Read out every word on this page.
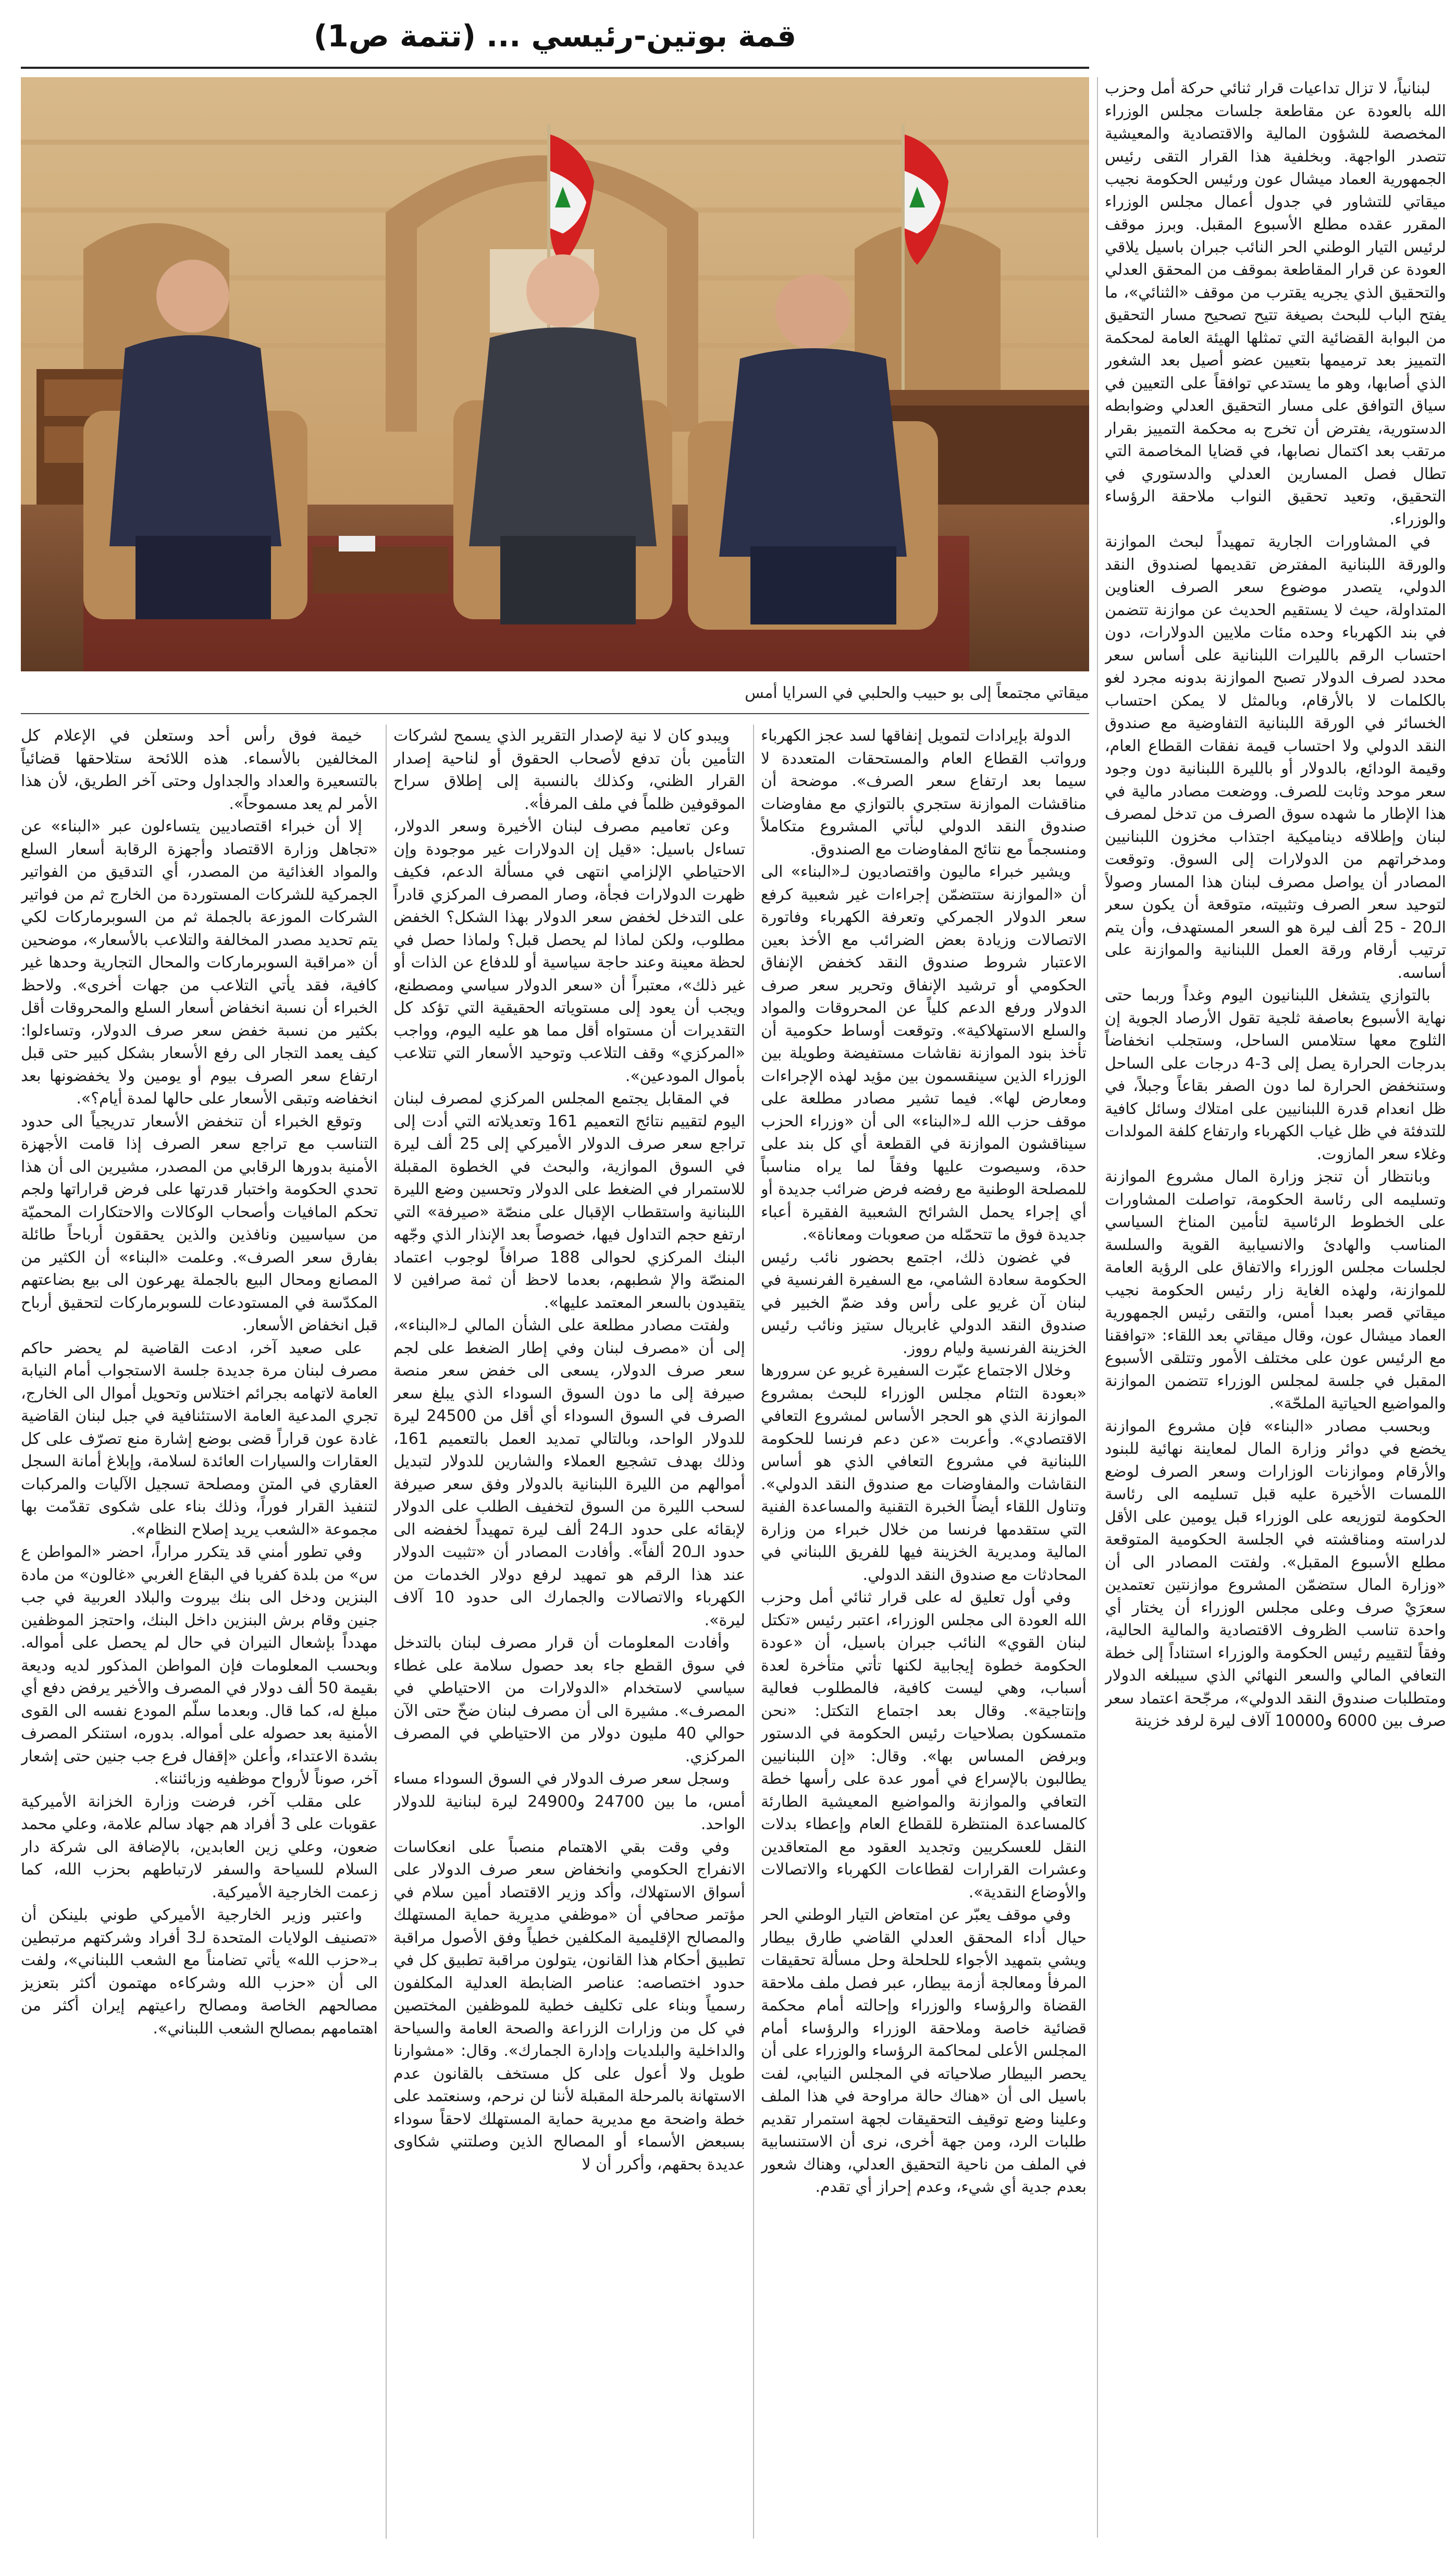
قمة بوتين-رئيسي ... (تتمة ص1)
ميقاتي مجتمعاً إلى بو حبيب والحلبي في السرايا أمس

لبنانياً، لا تزال تداعيات قرار ثنائي حركة أمل وحزب الله بالعودة عن مقاطعة جلسات مجلس الوزراء المخصصة للشؤون المالية والاقتصادية والمعيشية تتصدر الواجهة. وبخلفية هذا القرار التقى رئيس الجمهورية العماد ميشال عون ورئيس الحكومة نجيب ميقاتي للتشاور في جدول أعمال مجلس الوزراء المقرر عقده مطلع الأسبوع المقبل. وبرز موقف لرئيس التيار الوطني الحر النائب جبران باسيل يلاقي العودة عن قرار المقاطعة بموقف من المحقق العدلي والتحقيق الذي يجريه يقترب من موقف «الثنائي»، ما يفتح الباب للبحث بصيغة تتيح تصحيح مسار التحقيق من البوابة القضائية التي تمثلها الهيئة العامة لمحكمة التمييز بعد ترميمها بتعيين عضو أصيل بعد الشغور الذي أصابها، وهو ما يستدعي توافقاً على التعيين في سياق التوافق على مسار التحقيق العدلي وضوابطه الدستورية، يفترض أن تخرج به محكمة التمييز بقرار مرتقب بعد اكتمال نصابها، في قضايا المخاصمة التي تطال فصل المسارين العدلي والدستوري في التحقيق، وتعيد تحقيق النواب ملاحقة الرؤساء والوزراء.

في المشاورات الجارية تمهيداً لبحث الموازنة والورقة اللبنانية المفترض تقديمها لصندوق النقد الدولي، يتصدر موضوع سعر الصرف العناوين المتداولة، حيث لا يستقيم الحديث عن موازنة تتضمن في بند الكهرباء وحده مئات ملايين الدولارات، دون احتساب الرقم بالليرات اللبنانية على أساس سعر محدد لصرف الدولار تصبح الموازنة بدونه مجرد لغو بالكلمات لا بالأرقام، وبالمثل لا يمكن احتساب الخسائر في الورقة اللبنانية التفاوضية مع صندوق النقد الدولي ولا احتساب قيمة نفقات القطاع العام، وقيمة الودائع، بالدولار أو بالليرة اللبنانية دون وجود سعر موحد وثابت للصرف. ووضعت مصادر مالية في هذا الإطار ما شهده سوق الصرف من تدخل لمصرف لبنان وإطلاقه ديناميكية اجتذاب مخزون اللبنانيين ومدخراتهم من الدولارات إلى السوق. وتوقعت المصادر أن يواصل مصرف لبنان هذا المسار وصولاً لتوحيد سعر الصرف وتثبيته، متوقعة أن يكون سعر الـ20 - 25 ألف ليرة هو السعر المستهدف، وأن يتم ترتيب أرقام ورقة العمل اللبنانية والموازنة على أساسه.

بالتوازي يتشغل اللبنانيون اليوم وغداً وربما حتى نهاية الأسبوع بعاصفة ثلجية تقول الأرصاد الجوية إن الثلوج معها ستلامس الساحل، وستجلب انخفاضاً بدرجات الحرارة يصل إلى 3-4 درجات على الساحل وستنخفض الحرارة لما دون الصفر بقاعاً وجبلاً، في ظل انعدام قدرة اللبنانيين على امتلاك وسائل كافية للتدفئة في ظل غياب الكهرباء وارتفاع كلفة المولدات وغلاء سعر المازوت.

وبانتظار أن تنجز وزارة المال مشروع الموازنة وتسليمه الى رئاسة الحكومة، تواصلت المشاورات على الخطوط الرئاسية لتأمين المناخ السياسي المناسب والهادئ والانسيابية القوية والسلسة لجلسات مجلس الوزراء والاتفاق على الرؤية العامة للموازنة، ولهذه الغاية زار رئيس الحكومة نجيب ميقاتي قصر بعبدا أمس، والتقى رئيس الجمهورية العماد ميشال عون، وقال ميقاتي بعد اللقاء: «توافقنا مع الرئيس عون على مختلف الأمور وتتلقى الأسبوع المقبل في جلسة لمجلس الوزراء تتضمن الموازنة والمواضيع الحياتية الملحّة».

وبحسب مصادر «البناء» فإن مشروع الموازنة يخضع في دوائر وزارة المال لمعاينة نهائية للبنود والأرقام وموازنات الوزارات وسعر الصرف لوضع اللمسات الأخيرة عليه قبل تسليمه الى رئاسة الحكومة لتوزيعه على الوزراء قبل يومين على الأقل لدراسته ومناقشته في الجلسة الحكومية المتوقعة مطلع الأسبوع المقبل». ولفتت المصادر الى أن «وزارة المال ستضمّن المشروع موازنتين تعتمدين سعرَيْ صرف وعلى مجلس الوزراء أن يختار أي واحدة تناسب الظروف الاقتصادية والمالية الحالية، وفقاً لتقييم رئيس الحكومة والوزراء استناداً إلى خطة التعافي المالي والسعر النهائي الذي سيبلغه الدولار ومتطلبات صندوق النقد الدولي»، مرجّحة اعتماد سعر صرف بين 6000 و10000 آلاف ليرة لرفد خزينة

الدولة بإيرادات لتمويل إنفاقها لسد عجز الكهرباء ورواتب القطاع العام والمستحقات المتعددة لا سيما بعد ارتفاع سعر الصرف». موضحة أن مناقشات الموازنة ستجري بالتوازي مع مفاوضات صندوق النقد الدولي لبأتي المشروع متكاملاً ومنسجماً مع نتائج المفاوضات مع الصندوق.

ويشير خبراء ماليون واقتصاديون لـ«البناء» الى أن «الموازنة ستتضمّن إجراءات غير شعبية كرفع سعر الدولار الجمركي وتعرفة الكهرباء وفاتورة الاتصالات وزيادة بعض الضرائب مع الأخذ بعين الاعتبار شروط صندوق النقد كخفض الإنفاق الحكومي أو ترشيد الإنفاق وتحرير سعر صرف الدولار ورفع الدعم كلياً عن المحروقات والمواد والسلع الاستهلاكية». وتوقعت أوساط حكومية أن تأخذ بنود الموازنة نقاشات مستفيضة وطويلة بين الوزراء الذين سينقسمون بين مؤيد لهذه الإجراءات ومعارض لها». فيما تشير مصادر مطلعة على موقف حزب الله لـ«البناء» الى أن «وزراء الحزب سيناقشون الموازنة في القطعة أي كل بند على حدة، وسيصوت عليها وفقاً لما يراه مناسباً للمصلحة الوطنية مع رفضه فرض ضرائب جديدة أو أي إجراء يحمل الشرائح الشعبية الفقيرة أعباء جديدة فوق ما تتحمّله من صعوبات ومعاناة».

في غضون ذلك، اجتمع بحضور نائب رئيس الحكومة سعادة الشامي، مع السفيرة الفرنسية في لبنان آن غريو على رأس وفد ضمّ الخبير في صندوق النقد الدولي غابريال ستيز ونائب رئيس الخزينة الفرنسية وليام رووز.

وخلال الاجتماع عبّرت السفيرة غريو عن سرورها «بعودة التئام مجلس الوزراء للبحث بمشروع الموازنة الذي هو الحجر الأساس لمشروع التعافي الاقتصادي». وأعربت «عن دعم فرنسا للحكومة اللبنانية في مشروع التعافي الذي هو أساس النقاشات والمفاوضات مع صندوق النقد الدولي». وتناول اللقاء أيضاً الخبرة التقنية والمساعدة الفنية التي ستقدمها فرنسا من خلال خبراء من وزارة المالية ومديرية الخزينة فيها للفريق اللبناني في المحادثات مع صندوق النقد الدولي.

وفي أول تعليق له على قرار ثنائي أمل وحزب الله العودة الى مجلس الوزراء، اعتبر رئيس «تكتل لبنان القوي» النائب جبران باسيل، أن «عودة الحكومة خطوة إيجابية لكنها تأتي متأخرة لعدة أسباب، وهي ليست كافية، فالمطلوب فعالية وإنتاجية». وقال بعد اجتماع التكتل: «نحن متمسكون بصلاحيات رئيس الحكومة في الدستور وبرفض المساس بها». وقال: «إن اللبنانيين يطالبون بالإسراع في أمور عدة على رأسها خطة التعافي والموازنة والمواضيع المعيشية الطارئة كالمساعدة المنتظرة للقطاع العام وإعطاء بدلات النقل للعسكريين وتجديد العقود مع المتعاقدين وعشرات القرارات لقطاعات الكهرباء والاتصالات والأوضاع النقدية».

وفي موقف يعبّر عن امتعاض التيار الوطني الحر حيال أداء المحقق العدلي القاضي طارق بيطار ويشي بتمهيد الأجواء للحلحلة وحل مسألة تحقيقات المرفأ ومعالجة أزمة بيطار، عبر فصل ملف ملاحقة القضاة والرؤساء والوزراء وإحالته أمام محكمة قضائية خاصة وملاحقة الوزراء والرؤساء أمام المجلس الأعلى لمحاكمة الرؤساء والوزراء على أن يحصر البيطار صلاحياته في المجلس النيابي، لفت باسيل الى أن «هناك حالة مراوحة في هذا الملف وعلينا وضع توقيف التحقيقات لجهة استمرار تقديم طلبات الرد، ومن جهة أخرى، نرى أن الاستنسابية في الملف من ناحية التحقيق العدلي، وهناك شعور بعدم جدية أي شيء، وعدم إحراز أي تقدم.

ويبدو كان لا نية لإصدار التقرير الذي يسمح لشركات التأمين بأن تدفع لأصحاب الحقوق أو لناحية إصدار القرار الظني، وكذلك بالنسبة إلى إطلاق سراح الموقوفين ظلماً في ملف المرفأ».

وعن تعاميم مصرف لبنان الأخيرة وسعر الدولار، تساءل باسيل: «قيل إن الدولارات غير موجودة وإن الاحتياطي الإلزامي انتهى في مسألة الدعم، فكيف ظهرت الدولارات فجأة، وصار المصرف المركزي قادراً على التدخل لخفض سعر الدولار بهذا الشكل؟ الخفض مطلوب، ولكن لماذا لم يحصل قبل؟ ولماذا حصل في لحظة معينة وعند حاجة سياسية أو للدفاع عن الذات أو غير ذلك»، معتبراً أن «سعر الدولار سياسي ومصطنع، ويجب أن يعود إلى مستوياته الحقيقية التي تؤكد كل التقديرات أن مستواه أقل مما هو عليه اليوم، وواجب «المركزي» وقف التلاعب وتوحيد الأسعار التي تتلاعب بأموال المودعين».

في المقابل يجتمع المجلس المركزي لمصرف لبنان اليوم لتقييم نتائج التعميم 161 وتعديلاته التي أدت إلى تراجع سعر صرف الدولار الأميركي إلى 25 ألف ليرة في السوق الموازية، والبحث في الخطوة المقبلة للاستمرار في الضغط على الدولار وتحسين وضع الليرة اللبنانية واستقطاب الإقبال على منصّة «صيرفة» التي ارتفع حجم التداول فيها، خصوصاً بعد الإنذار الذي وجّهه البنك المركزي لحوالى 188 صرافاً لوجوب اعتماد المنصّة والإ شطبهم، بعدما لاحظ أن ثمة صرافين لا يتقيدون بالسعر المعتمد عليها».

ولفتت مصادر مطلعة على الشأن المالي لـ«البناء»، إلى أن «مصرف لبنان وفي إطار الضغط على لجم سعر صرف الدولار، يسعى الى خفض سعر منصة صيرفة إلى ما دون السوق السوداء الذي يبلغ سعر الصرف في السوق السوداء أي أقل من 24500 ليرة للدولار الواحد، وبالتالي تمديد العمل بالتعميم 161، وذلك بهدف تشجيع العملاء والشارين للدولار لتبديل أموالهم من الليرة اللبنانية بالدولار وفق سعر صيرفة لسحب الليرة من السوق لتخفيف الطلب على الدولار لإبقائه على حدود الـ24 ألف ليرة تمهيداً لخفضه الى حدود الـ20 ألفاً». وأفادت المصادر أن «تثبيت الدولار عند هذا الرقم هو تمهيد لرفع دولار الخدمات من الكهرباء والاتصالات والجمارك الى حدود 10 آلاف ليرة».

وأفادت المعلومات أن قرار مصرف لبنان بالتدخل في سوق القطع جاء بعد حصول سلامة على غطاء سياسي لاستخدام «الدولارات من الاحتياطي في المصرف». مشيرة الى أن مصرف لبنان ضخّ حتى الآن حوالي 40 مليون دولار من الاحتياطي في المصرف المركزي.

وسجل سعر صرف الدولار في السوق السوداء مساء أمس، ما بين 24700 و24900 ليرة لبنانية للدولار الواحد.

وفي وقت بقي الاهتمام منصباً على انعكاسات الانفراج الحكومي وانخفاض سعر صرف الدولار على أسواق الاستهلاك، وأكد وزير الاقتصاد أمين سلام في مؤتمر صحافي أن «موظفي مديرية حماية المستهلك والمصالح الإقليمية المكلفين خطياً وفق الأصول مراقبة تطبيق أحكام هذا القانون، يتولون مراقبة تطبيق كل في حدود اختصاصه: عناصر الضابطة العدلية المكلفون رسمياً وبناء على تكليف خطية للموظفين المختصين في كل من وزارات الزراعة والصحة العامة والسياحة والداخلية والبلديات وإدارة الجمارك». وقال: «مشوارنا طويل ولا أعول على كل مستخف بالقانون عدم الاستهانة بالمرحلة المقبلة لأننا لن نرحم، وسنعتمد على خطة واضحة مع مديرية حماية المستهلك لاحقاً سوداء بسبعض الأسماء أو المصالح الذين وصلتني شكاوى عديدة بحقهم، وأكرر أن لا

خيمة فوق رأس أحد وستعلن في الإعلام كل المخالفين بالأسماء. هذه اللائحة ستلاحقها قضائياً بالتسعيرة والعداد والجداول وحتى آخر الطريق، لأن هذا الأمر لم يعد مسموحاً».

إلا أن خبراء اقتصاديين يتساءلون عبر «البناء» عن «تجاهل وزارة الاقتصاد وأجهزة الرقابة أسعار السلع والمواد الغذائية من المصدر، أي التدقيق من الفواتير الجمركية للشركات المستوردة من الخارج ثم من فواتير الشركات الموزعة بالجملة ثم من السوبرماركات لكي يتم تحديد مصدر المخالفة والتلاعب بالأسعار»، موضحين أن «مراقبة السوبرماركات والمحال التجارية وحدها غير كافية، فقد يأتي التلاعب من جهات أخرى». ولاحظ الخبراء أن نسبة انخفاض أسعار السلع والمحروقات أقل بكثير من نسبة خفض سعر صرف الدولار، وتساءلوا: كيف يعمد التجار الى رفع الأسعار بشكل كبير حتى قبل ارتفاع سعر الصرف بيوم أو يومين ولا يخفضونها بعد انخفاضه وتبقى الأسعار على حالها لمدة أيام؟».

وتوقع الخبراء أن تنخفض الأسعار تدريجياً الى حدود التناسب مع تراجع سعر الصرف إذا قامت الأجهزة الأمنية بدورها الرقابي من المصدر، مشيرين الى أن هذا تحدي الحكومة واختبار قدرتها على فرض قراراتها ولجم تحكم المافيات وأصحاب الوكالات والاحتكارات المحميّة من سياسيين ونافذين والذين يحققون أرباحاً طائلة بفارق سعر الصرف». وعلمت «البناء» أن الكثير من المصانع ومحال البيع بالجملة يهرعون الى بيع بضاعتهم المكدّسة في المستودعات للسوبرماركات لتحقيق أرباح قبل انخفاض الأسعار.

على صعيد آخر، ادعت القاضية لم يحضر حاكم مصرف لبنان مرة جديدة جلسة الاستجواب أمام النيابة العامة لاتهامه بجرائم اختلاس وتحويل أموال الى الخارج، تجري المدعية العامة الاستئنافية في جبل لبنان القاضية غادة عون قراراً قضى بوضع إشارة منع تصرّف على كل العقارات والسيارات العائدة لسلامة، وإبلاغ أمانة السجل العقاري في المتن ومصلحة تسجيل الآليات والمركبات لتنفيذ القرار فوراً، وذلك بناء على شكوى تقدّمت بها مجموعة «الشعب يريد إصلاح النظام».

وفي تطور أمني قد يتكرر مراراً، احضر «المواطن ع س» من بلدة كفريا في البقاع الغربي «غالون» من مادة البنزين ودخل الى بنك بيروت والبلاد العربية في جب جنين وقام برش البنزين داخل البنك، واحتجز الموظفين مهدداً بإشعال النيران في حال لم يحصل على أمواله. وبحسب المعلومات فإن المواطن المذكور لديه وديعة بقيمة 50 ألف دولار في المصرف والأخير يرفض دفع أي مبلغ له، كما قال. وبعدما سلّم المودع نفسه الى القوى الأمنية بعد حصوله على أمواله. بدوره، استنكر المصرف بشدة الاعتداء، وأعلن «إقفال فرع جب جنين حتى إشعار آخر، صوناً لأرواح موظفيه وزبائننا».

على مقلب آخر، فرضت وزارة الخزانة الأميركية عقوبات على 3 أفراد هم جهاد سالم علامة، وعلي محمد ضعون، وعلي زين العابدين، بالإضافة الى شركة دار السلام للسياحة والسفر لارتباطهم بحزب الله، كما زعمت الخارجية الأميركية.

واعتبر وزير الخارجية الأميركي طوني بلينكن أن «تصنيف الولايات المتحدة لـ3 أفراد وشركتهم مرتبطين بـ«حزب الله» يأتي تضامناً مع الشعب اللبناني»، ولفت الى أن «حزب الله وشركاءه مهتمون أكثر بتعزيز مصالحهم الخاصة ومصالح راعيتهم إيران أكثر من اهتمامهم بمصالح الشعب اللبناني».
